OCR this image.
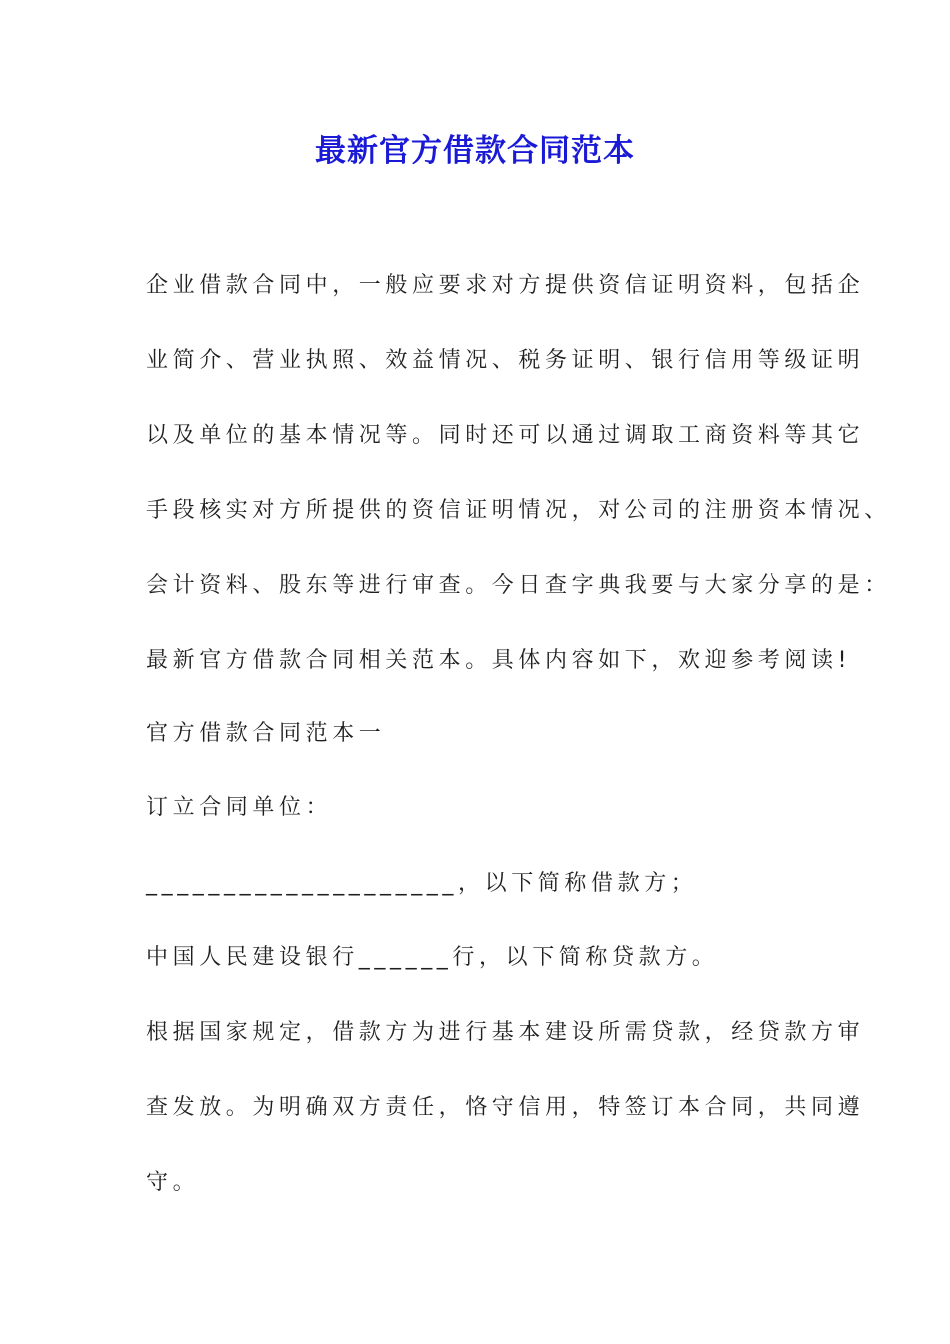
最新官方借款合同范本
企业借款合同中，一般应要求对方提供资信证明资料，包括企
业简介、营业执照、效益情况、税务证明、银行信用等级证明
以及单位的基本情况等。同时还可以通过调取工商资料等其它
手段核实对方所提供的资信证明情况，对公司的注册资本情况、
会计资料、股东等进行审查。今日查字典我要与大家分享的是：
最新官方借款合同相关范本。具体内容如下，欢迎参考阅读!
官方借款合同范本一
订立合同单位：
____________________，以下简称借款方；
中国人民建设银行______行，以下简称贷款方。
根据国家规定，借款方为进行基本建设所需贷款，经贷款方审
查发放。为明确双方责任，恪守信用，特签订本合同，共同遵
守。
